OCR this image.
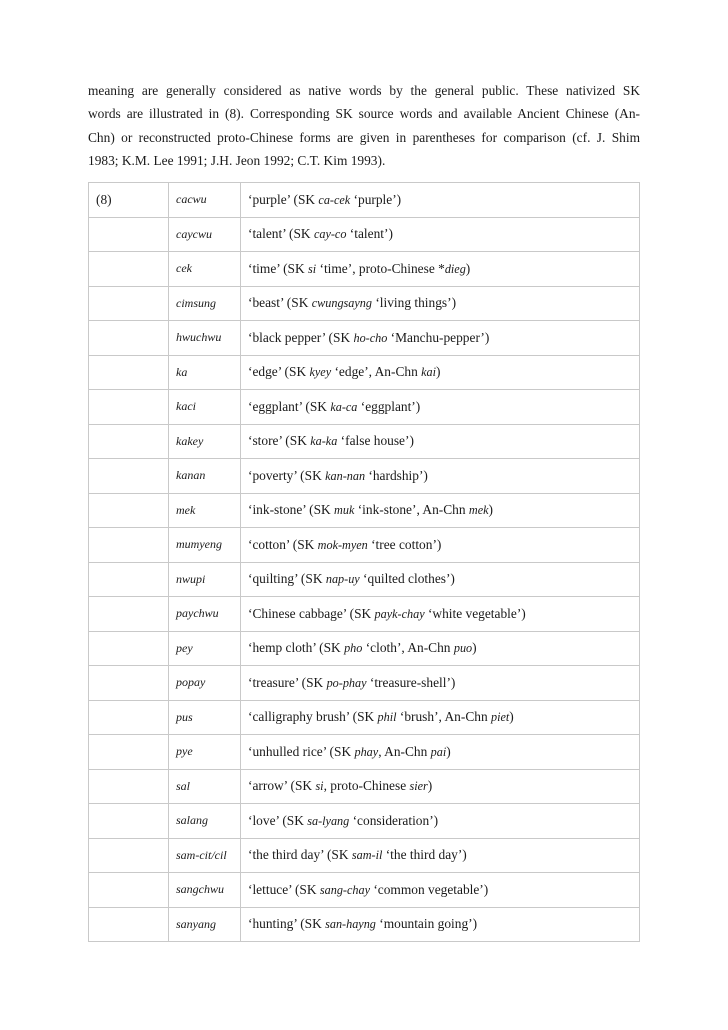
meaning are generally considered as native words by the general public. These nativized SK
words are illustrated in (8). Corresponding SK source words and available Ancient Chinese (An-
Chn) or reconstructed proto-Chinese forms are given in parentheses for comparison (cf. J. Shim
1983; K.M. Lee 1991; J.H. Jeon 1992; C.T. Kim 1993).
(8)	cacwu	‘purple’ (SK ca-cek ‘purple’)
	caycwu	‘talent’ (SK cay-co ‘talent’)
	cek	‘time’ (SK si ‘time’, proto-Chinese *dieg)
	cimsung	‘beast’ (SK cwungsayng ‘living things’)
	hwuchwu	‘black pepper’ (SK ho-cho ‘Manchu-pepper’)
	ka	‘edge’ (SK kyey ‘edge’, An-Chn kai)
	kaci	‘eggplant’ (SK ka-ca ‘eggplant’)
	kakey	‘store’ (SK ka-ka ‘false house’)
	kanan	‘poverty’ (SK kan-nan ‘hardship’)
	mek	‘ink-stone’ (SK muk ‘ink-stone’, An-Chn mek)
	mumyeng	‘cotton’ (SK mok-myen ‘tree cotton’)
	nwupi	‘quilting’ (SK nap-uy ‘quilted clothes’)
	paychwu	‘Chinese cabbage’ (SK payk-chay ‘white vegetable’)
	pey	‘hemp cloth’ (SK pho ‘cloth’, An-Chn puo)
	popay	‘treasure’ (SK po-phay ‘treasure-shell’)
	pus	‘calligraphy brush’ (SK phil ‘brush’, An-Chn piet)
	pye	‘unhulled rice’ (SK phay, An-Chn pai)
	sal	‘arrow’ (SK si, proto-Chinese sier)
	salang	‘love’ (SK sa-lyang ‘consideration’)
	sam-cit/cil	‘the third day’ (SK sam-il ‘the third day’)
	sangchwu	‘lettuce’ (SK sang-chay ‘common vegetable’)
	sanyang	‘hunting’ (SK san-hayng ‘mountain going’)
